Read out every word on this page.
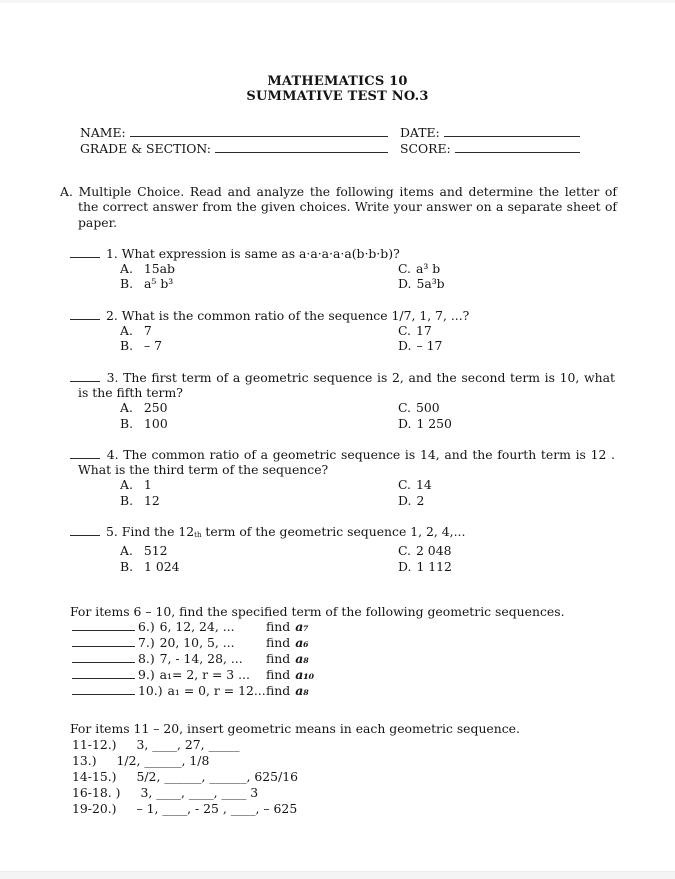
MATHEMATICS 10
SUMMATIVE TEST NO.3
NAME:	DATE:
GRADE & SECTION:	SCORE:

A. Multiple Choice. Read and analyze the following items and determine the letter of the correct answer from the given choices. Write your answer on a separate sheet of paper.

1. What expression is same as a·a·a·a·a(b·b·b)?
A. 15ab	C. a³ b
B. a⁵ b³	D. 5a³b
2. What is the common ratio of the sequence 1/7, 1, 7, ...?
A. 7	C. 17
B. – 7	D. – 17
3. The first term of a geometric sequence is 2, and the second term is 10, what is the fifth term?
A. 250	C. 500
B. 100	D. 1 250
4. The common ratio of a geometric sequence is 14, and the fourth term is 12 . What is the third term of the sequence?
A. 1	C. 14
B. 12	D. 2
5. Find the 12th term of the geometric sequence 1, 2, 4,...
A. 512	C. 2 048
B. 1 024	D. 1 112
For items 6 – 10, find the specified term of the following geometric sequences.
6.) 6, 12, 24, ...	find a₇
7.) 20, 10, 5, ...	find a₆
8.) 7, - 14, 28, ...	find a₈
9.) a₁= 2, r = 3 ...	find a₁₀
10.) a₁ = 0, r = 12... find a₈
For items 11 – 20, insert geometric means in each geometric sequence.
11-12.) 3, ____, 27, _____
13.) 1/2, ______, 1/8
14-15.) 5/2, ______, ______, 625/16
16-18. ) 3, ____, ____, ____ 3
19-20.) – 1, ____, - 25 , ____, – 625
